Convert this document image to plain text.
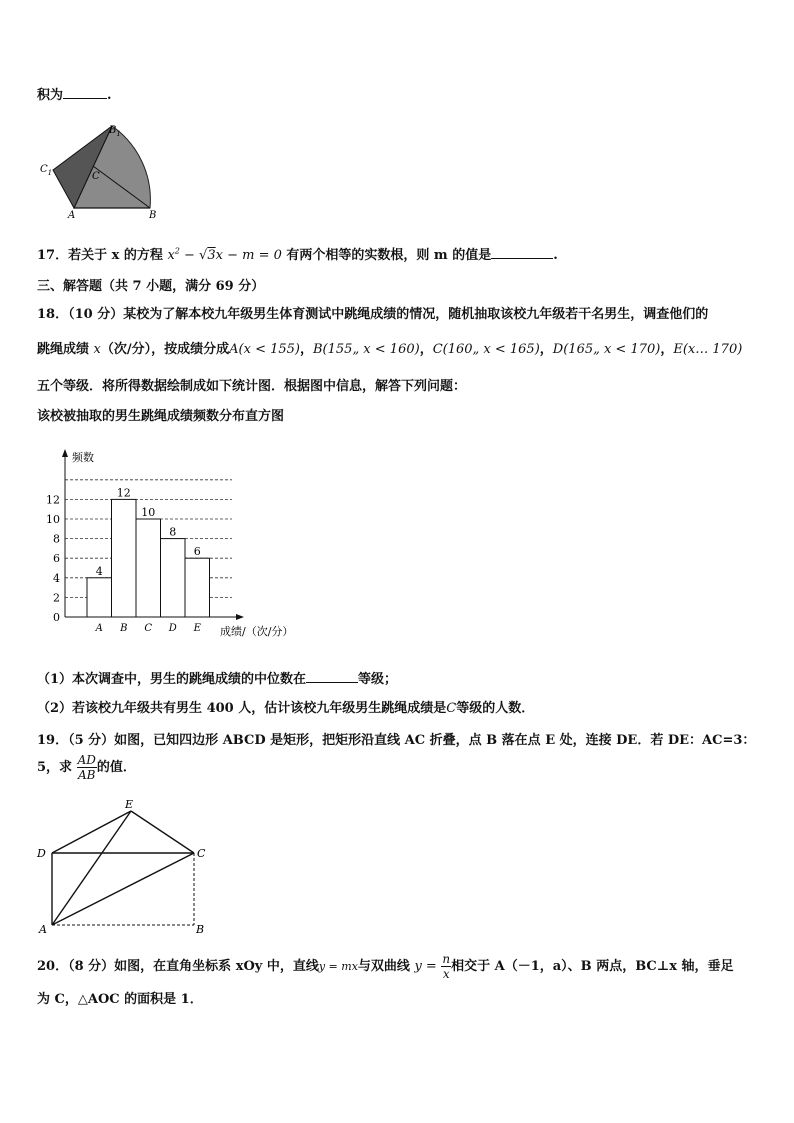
积为	.
$B_1$
$C_1$	C
A	B
17．若关于 x 的方程 $x^2 - √3x - m = 0$ 有两个相等的实数根，则 m 的值是	.
三、解答题（共 7 小题，满分 69 分）
18．（10 分）某校为了解本校九年级男生体育测试中跳绳成绩的情况，随机抽取该校九年级若干名男生，调查他们的
跳绳成绩 x（次/分），按成绩分成A(x < 155)，B(155„ x < 160)，C(160„ x < 165)，D(165„ x < 170)，E(x… 170)
五个等级．将所得数据绘制成如下统计图．根据图中信息，解答下列问题：
该校被抽取的男生跳绳成绩频数分布直方图
频数
成绩/（次/分）
0
2
4
6
8
10
12
A B C D E
4
12
10
8
6
（1）本次调查中，男生的跳绳成绩的中位数在	等级；
（2）若该校九年级共有男生 400 人，估计该校九年级男生跳绳成绩是C等级的人数．
19．（5 分）如图，已知四边形 ABCD 是矩形，把矩形沿直线 AC 折叠，点 B 落在点 E 处，连接 DE．若 DE：AC=3：
5，求 $\frac{AD}{AB}$ 的值．
E
D	C
A	B
20．（8 分）如图，在直角坐标系 xOy 中，直线y = mx与双曲线 $y = \frac{n}{x}$ 相交于 A（－1，a）、B 两点，BC⊥x 轴，垂足
为 C，△AOC 的面积是 1．
